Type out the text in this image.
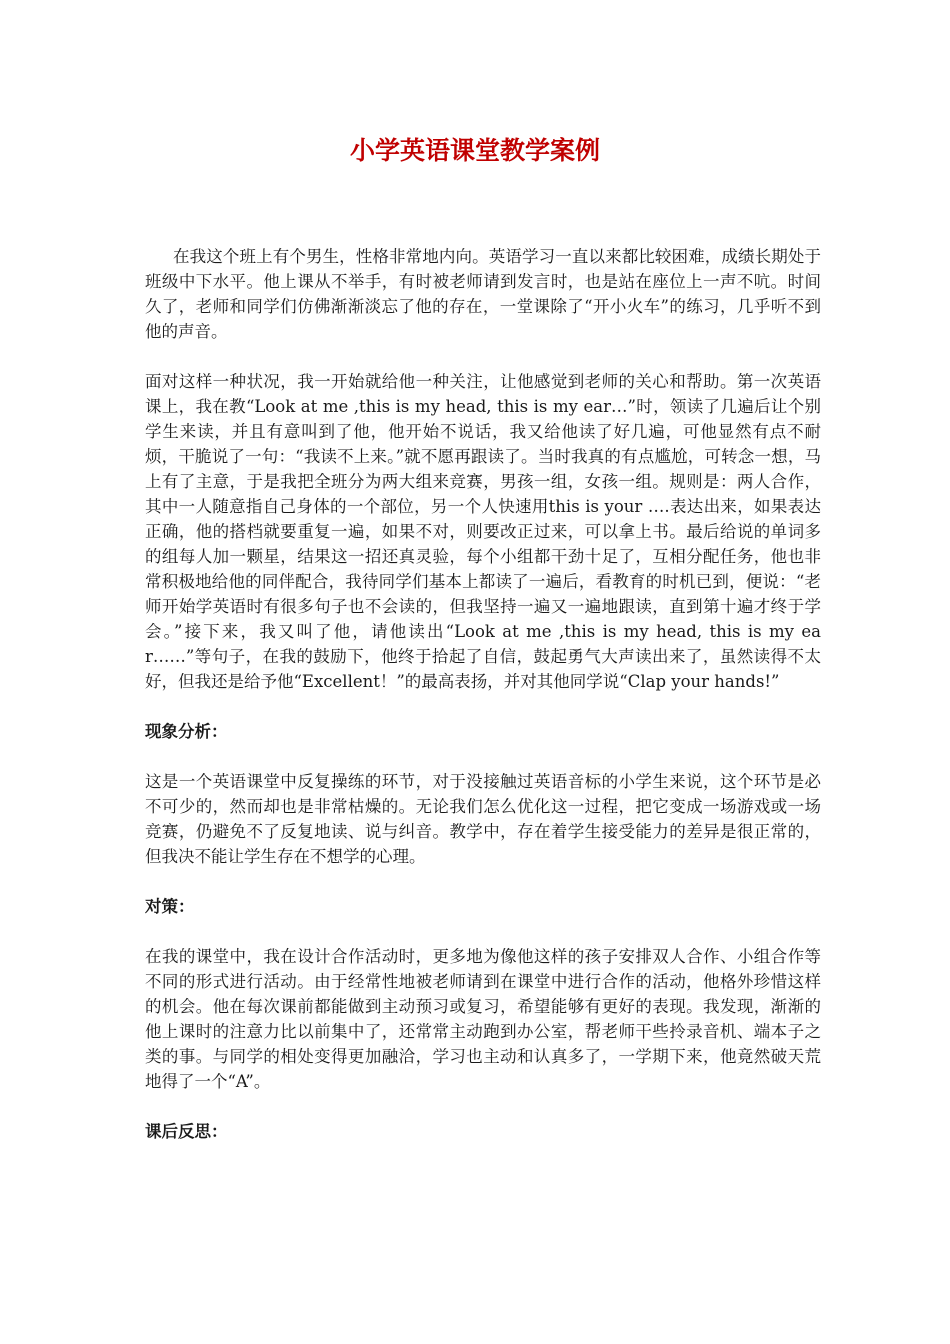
小学英语课堂教学案例

在我这个班上有个男生，性格非常地内向。英语学习一直以来都比较困难，成绩长期处于班级中下水平。他上课从不举手，有时被老师请到发言时，也是站在座位上一声不吭。时间久了，老师和同学们仿佛渐渐淡忘了他的存在，一堂课除了“开小火车”的练习，几乎听不到他的声音。

面对这样一种状况，我一开始就给他一种关注，让他感觉到老师的关心和帮助。第一次英语课上，我在教“Look at me ,this is my head, this is my ear…”时，领读了几遍后让个别学生来读，并且有意叫到了他，他开始不说话，我又给他读了好几遍，可他显然有点不耐烦，干脆说了一句：“我读不上来。”就不愿再跟读了。当时我真的有点尴尬，可转念一想，马上有了主意，于是我把全班分为两大组来竞赛，男孩一组，女孩一组。规则是：两人合作，其中一人随意指自己身体的一个部位，另一个人快速用this is your ….表达出来，如果表达正确，他的搭档就要重复一遍，如果不对，则要改正过来，可以拿上书。最后给说的单词多的组每人加一颗星，结果这一招还真灵验，每个小组都干劲十足了，互相分配任务，他也非常积极地给他的同伴配合，我待同学们基本上都读了一遍后，看教育的时机已到，便说：“老师开始学英语时有很多句子也不会读的，但我坚持一遍又一遍地跟读，直到第十遍才终于学会。”接下来，我又叫了他，请他读出“Look at me ,this is my head, this is my ear……”等句子，在我的鼓励下，他终于拾起了自信，鼓起勇气大声读出来了，虽然读得不太好，但我还是给予他“Excellent！”的最高表扬，并对其他同学说“Clap your hands!”

现象分析：

这是一个英语课堂中反复操练的环节，对于没接触过英语音标的小学生来说，这个环节是必不可少的，然而却也是非常枯燥的。无论我们怎么优化这一过程，把它变成一场游戏或一场竞赛，仍避免不了反复地读、说与纠音。教学中，存在着学生接受能力的差异是很正常的，但我决不能让学生存在不想学的心理。

对策：

在我的课堂中，我在设计合作活动时，更多地为像他这样的孩子安排双人合作、小组合作等不同的形式进行活动。由于经常性地被老师请到在课堂中进行合作的活动，他格外珍惜这样的机会。他在每次课前都能做到主动预习或复习，希望能够有更好的表现。我发现，渐渐的他上课时的注意力比以前集中了，还常常主动跑到办公室，帮老师干些拎录音机、端本子之类的事。与同学的相处变得更加融洽，学习也主动和认真多了，一学期下来，他竟然破天荒地得了一个“A”。

课后反思：
